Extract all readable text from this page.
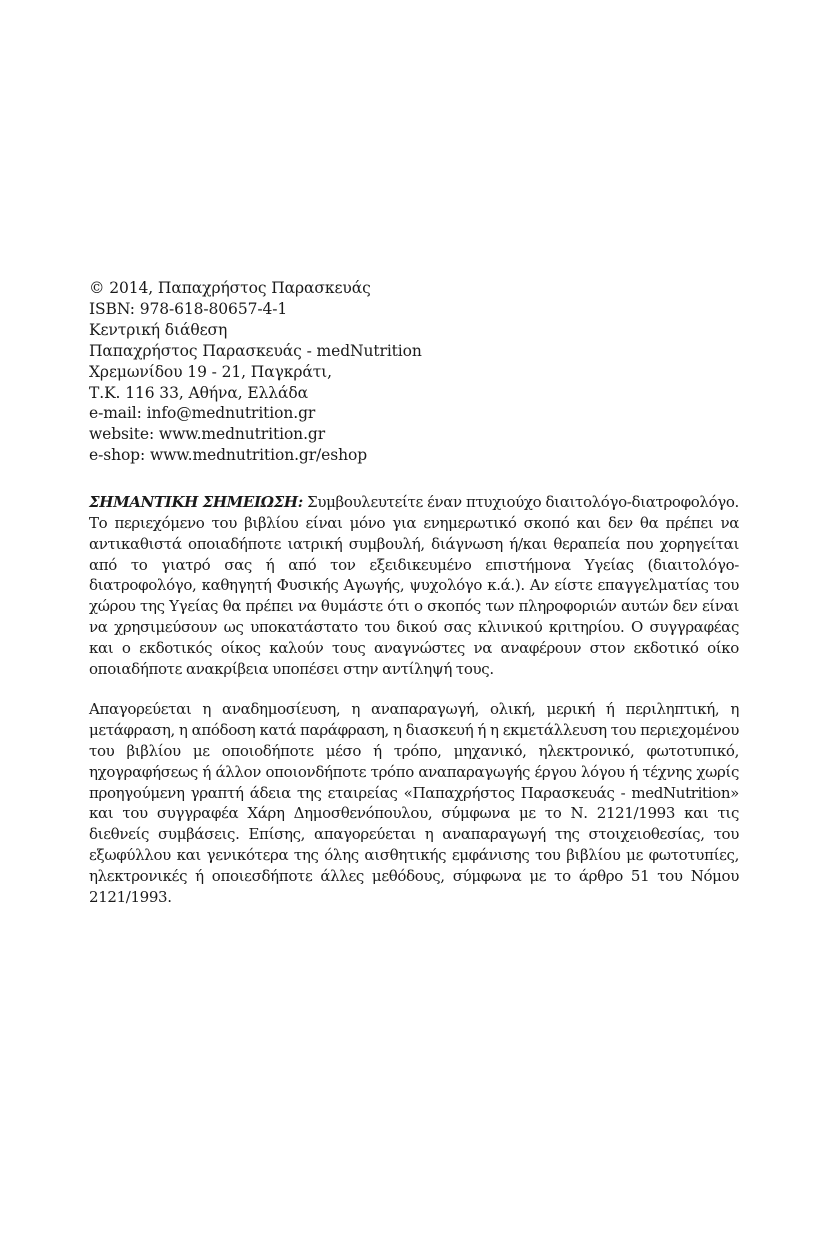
© 2014, Παπαχρήστος Παρασκευάς
ISBN: 978-618-80657-4-1
Κεντρική διάθεση
Παπαχρήστος Παρασκευάς - medNutrition
Χρεμωνίδου 19 - 21, Παγκράτι,
Τ.Κ. 116 33, Αθήνα, Ελλάδα
e-mail: info@mednutrition.gr
website: www.mednutrition.gr
e-shop: www.mednutrition.gr/eshop

ΣΗΜΑΝΤΙΚΗ ΣΗΜΕΙΩΣΗ: Συμβουλευτείτε έναν πτυχιούχο διαιτολόγο-διατροφολόγο. Το περιεχόμενο του βιβλίου είναι μόνο για ενημερωτικό σκοπό και δεν θα πρέπει να αντικαθιστά οποιαδήποτε ιατρική συμβουλή, διάγνωση ή/και θεραπεία που χορηγείται από το γιατρό σας ή από τον εξειδικευμένο επιστήμονα Υγείας (διαιτολόγο-διατροφολόγο, καθηγητή Φυσικής Αγωγής, ψυχολόγο κ.ά.). Αν είστε επαγγελματίας του χώρου της Υγείας θα πρέπει να θυμάστε ότι ο σκοπός των πληροφοριών αυτών δεν είναι να χρησιμεύσουν ως υποκατάστατο του δικού σας κλινικού κριτηρίου. Ο συγγραφέας και ο εκδοτικός οίκος καλούν τους αναγνώστες να αναφέρουν στον εκδοτικό οίκο οποιαδήποτε ανακρίβεια υποπέσει στην αντίληψή τους.

Απαγορεύεται η αναδημοσίευση, η αναπαραγωγή, ολική, μερική ή περιληπτική, η μετάφραση, η απόδοση κατά παράφραση, η διασκευή ή η εκμετάλλευση του περιεχομένου του βιβλίου με οποιοδήποτε μέσο ή τρόπο, μηχανικό, ηλεκτρονικό, φωτοτυπικό, ηχογραφήσεως ή άλλον οποιονδήποτε τρόπο αναπαραγωγής έργου λόγου ή τέχνης χωρίς προηγούμενη γραπτή άδεια της εταιρείας «Παπαχρήστος Παρασκευάς - medNutrition» και του συγγραφέα Χάρη Δημοσθενόπουλου, σύμφωνα με το Ν. 2121/1993 και τις διεθνείς συμβάσεις. Επίσης, απαγορεύεται η αναπαραγωγή της στοιχειοθεσίας, του εξωφύλλου και γενικότερα της όλης αισθητικής εμφάνισης του βιβλίου με φωτοτυπίες, ηλεκτρονικές ή οποιεσδήποτε άλλες μεθόδους, σύμφωνα με το άρθρο 51 του Νόμου 2121/1993.
